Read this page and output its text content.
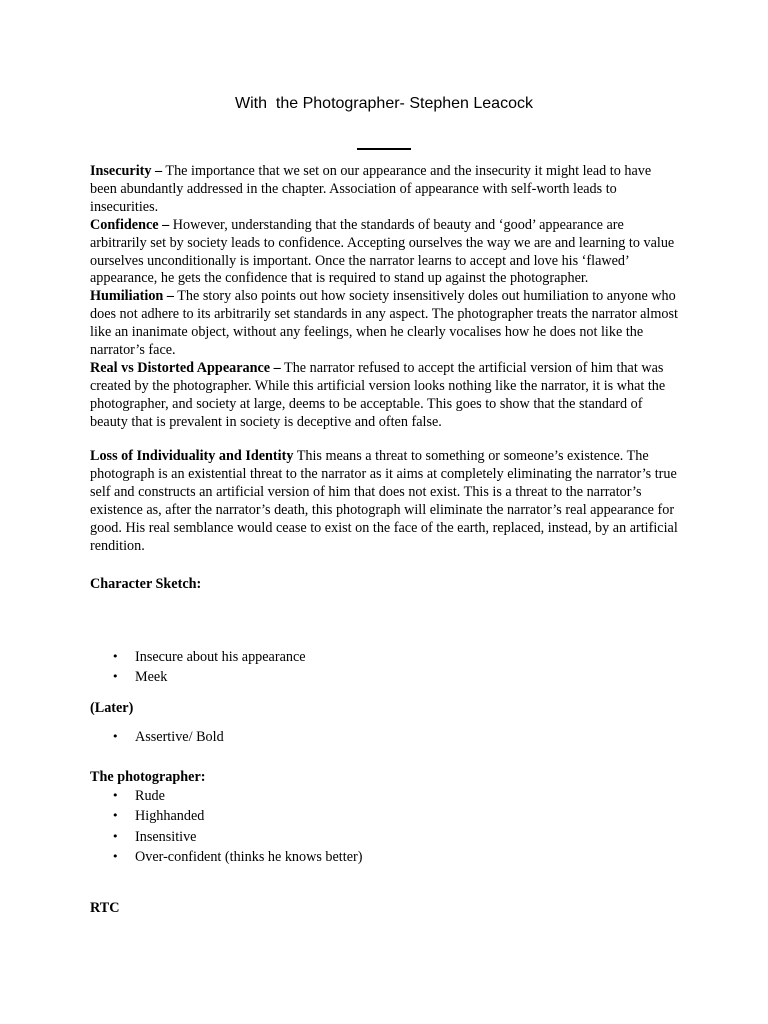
With  the Photographer- Stephen Leacock

Insecurity – The importance that we set on our appearance and the insecurity it might lead to have been abundantly addressed in the chapter. Association of appearance with self-worth leads to insecurities.

Confidence – However, understanding that the standards of beauty and ‘good’ appearance are arbitrarily set by society leads to confidence. Accepting ourselves the way we are and learning to value ourselves unconditionally is important. Once the narrator learns to accept and love his ‘flawed’ appearance, he gets the confidence that is required to stand up against the photographer.

Humiliation – The story also points out how society insensitively doles out humiliation to anyone who does not adhere to its arbitrarily set standards in any aspect. The photographer treats the narrator almost like an inanimate object, without any feelings, when he clearly vocalises how he does not like the narrator’s face.

Real vs Distorted Appearance – The narrator refused to accept the artificial version of him that was created by the photographer. While this artificial version looks nothing like the narrator, it is what the photographer, and society at large, deems to be acceptable. This goes to show that the standard of beauty that is prevalent in society is deceptive and often false.

Loss of Individuality and Identity This means a threat to something or someone’s existence. The photograph is an existential threat to the narrator as it aims at completely eliminating the narrator’s true self and constructs an artificial version of him that does not exist. This is a threat to the narrator’s existence as, after the narrator’s death, this photograph will eliminate the narrator’s real appearance for good. His real semblance would cease to exist on the face of the earth, replaced, instead, by an artificial rendition.

Character Sketch:

• Insecure about his appearance
• Meek

(Later)

• Assertive/ Bold

The photographer:

• Rude
• Highhanded
• Insensitive
• Over-confident (thinks he knows better)

RTC
